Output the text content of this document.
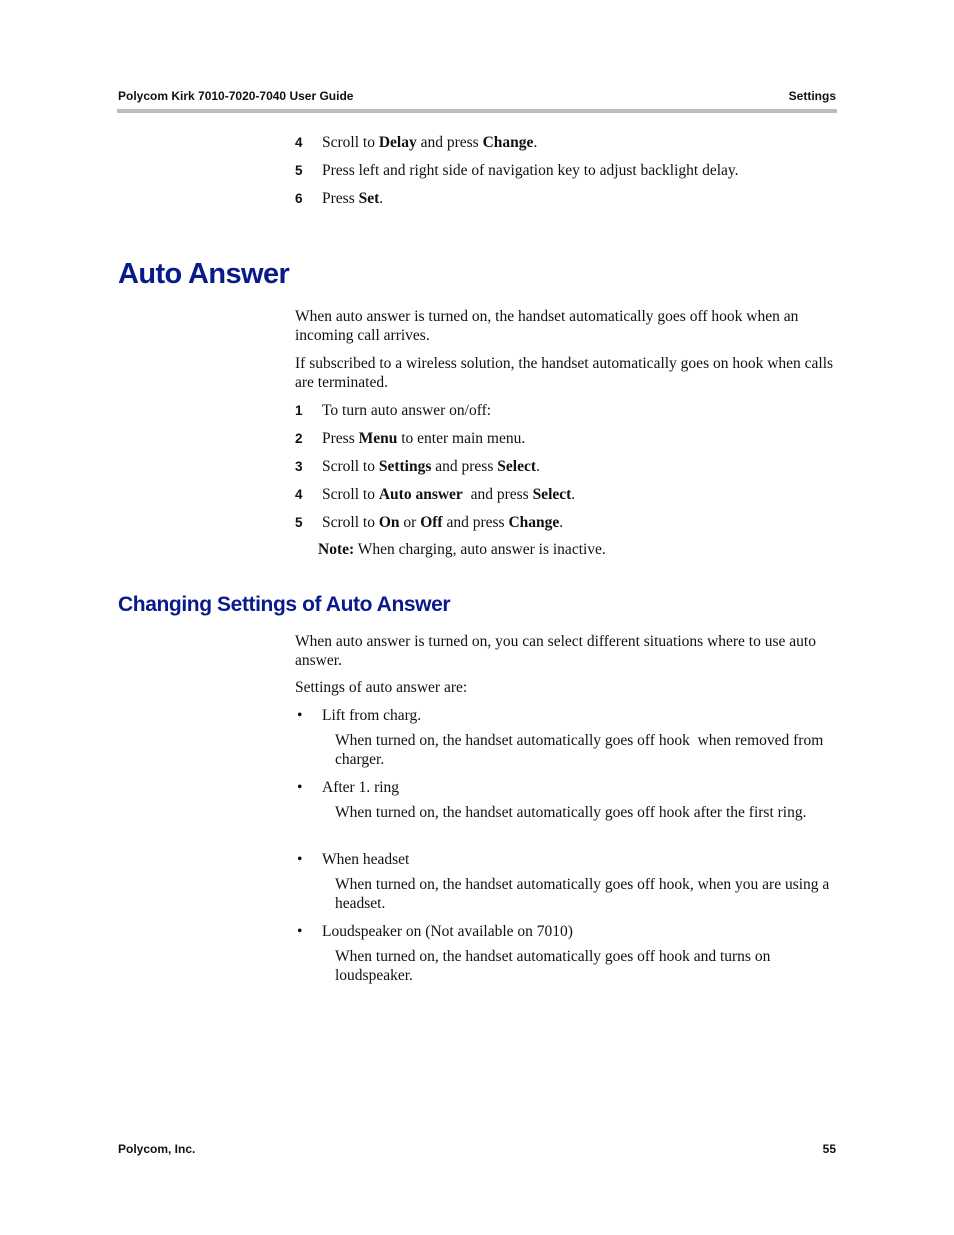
Polycom Kirk 7010-7020-7040 User Guide	Settings
4 Scroll to Delay and press Change.
5 Press left and right side of navigation key to adjust backlight delay.
6 Press Set.
Auto Answer
When auto answer is turned on, the handset automatically goes off hook when an incoming call arrives.
If subscribed to a wireless solution, the handset automatically goes on hook when calls are terminated.
1 To turn auto answer on/off:
2 Press Menu to enter main menu.
3 Scroll to Settings and press Select.
4 Scroll to Auto answer  and press Select.
5 Scroll to On or Off and press Change.
Note: When charging, auto answer is inactive.
Changing Settings of Auto Answer
When auto answer is turned on, you can select different situations where to use auto answer.
Settings of auto answer are:
• Lift from charg.
When turned on, the handset automatically goes off hook  when removed from charger.
• After 1. ring
When turned on, the handset automatically goes off hook after the first ring.
• When headset
When turned on, the handset automatically goes off hook, when you are using a headset.
• Loudspeaker on (Not available on 7010)
When turned on, the handset automatically goes off hook and turns on loudspeaker.
Polycom, Inc.	55
